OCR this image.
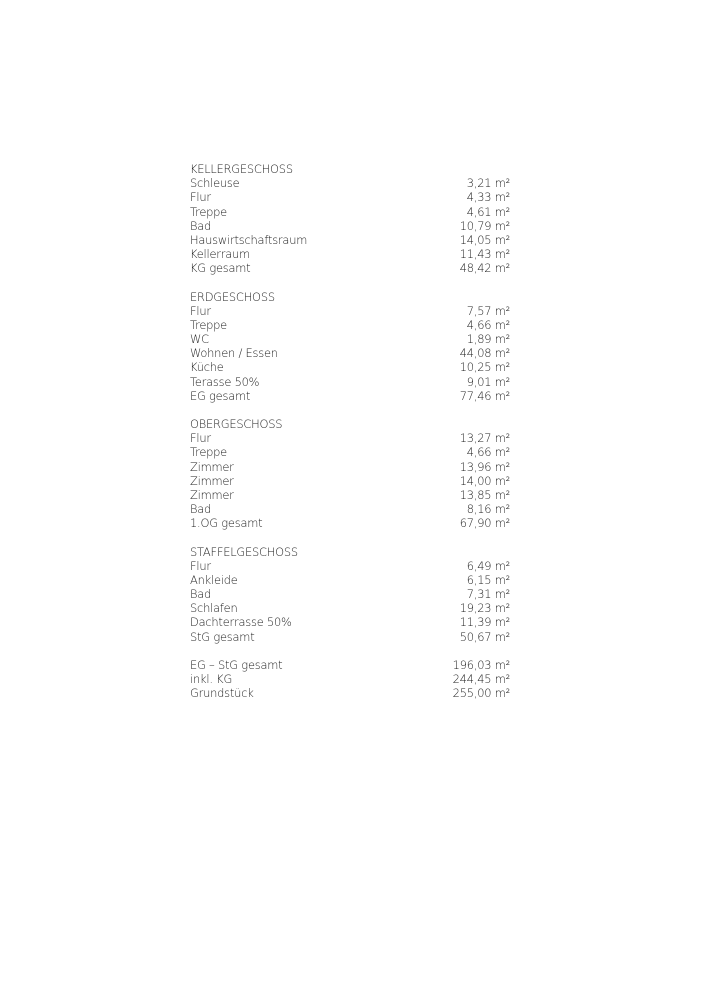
KELLERGESCHOSS
Schleuse	3,21 m²
Flur	4,33 m²
Treppe	4,61 m²
Bad	10,79 m²
Hauswirtschaftsraum	14,05 m²
Kellerraum	11,43 m²
KG gesamt	48,42 m²
ERDGESCHOSS
Flur	7,57 m²
Treppe	4,66 m²
WC	1,89 m²
Wohnen / Essen	44,08 m²
Küche	10,25 m²
Terasse 50%	9,01 m²
EG gesamt	77,46 m²
OBERGESCHOSS
Flur	13,27 m²
Treppe	4,66 m²
Zimmer	13,96 m²
Zimmer	14,00 m²
Zimmer	13,85 m²
Bad	8,16 m²
1.OG gesamt	67,90 m²
STAFFELGESCHOSS
Flur	6,49 m²
Ankleide	6,15 m²
Bad	7,31 m²
Schlafen	19,23 m²
Dachterrasse 50%	11,39 m²
StG gesamt	50,67 m²
EG – StG gesamt	196,03 m²
inkl. KG	244,45 m²
Grundstück	255,00 m²
